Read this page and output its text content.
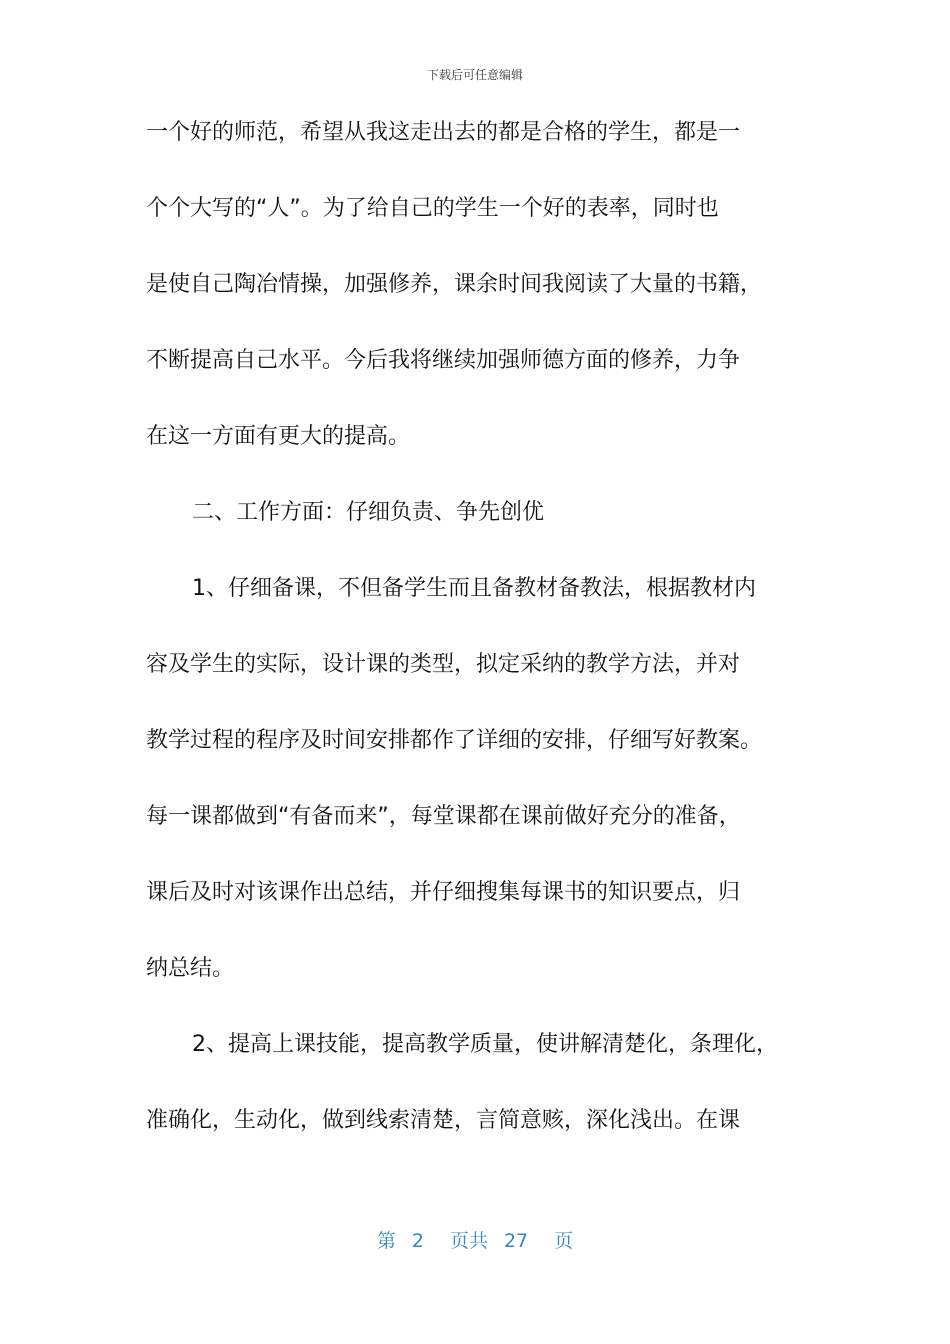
下载后可任意编辑
一个好的师范，希望从我这走出去的都是合格的学生，都是一
个个大写的“人”。为了给自己的学生一个好的表率，同时也
是使自己陶冶情操，加强修养，课余时间我阅读了大量的书籍，
不断提高自己水平。今后我将继续加强师德方面的修养，力争
在这一方面有更大的提高。
二、工作方面：仔细负责、争先创优
1、仔细备课，不但备学生而且备教材备教法，根据教材内
容及学生的实际，设计课的类型，拟定采纳的教学方法，并对
教学过程的程序及时间安排都作了详细的安排，仔细写好教案。
每一课都做到“有备而来”，每堂课都在课前做好充分的准备，
课后及时对该课作出总结，并仔细搜集每课书的知识要点，归
纳总结。
2、提高上课技能，提高教学质量，使讲解清楚化，条理化，
准确化，生动化，做到线索清楚，言简意赅，深化浅出。在课
第 2 页共 27 页
